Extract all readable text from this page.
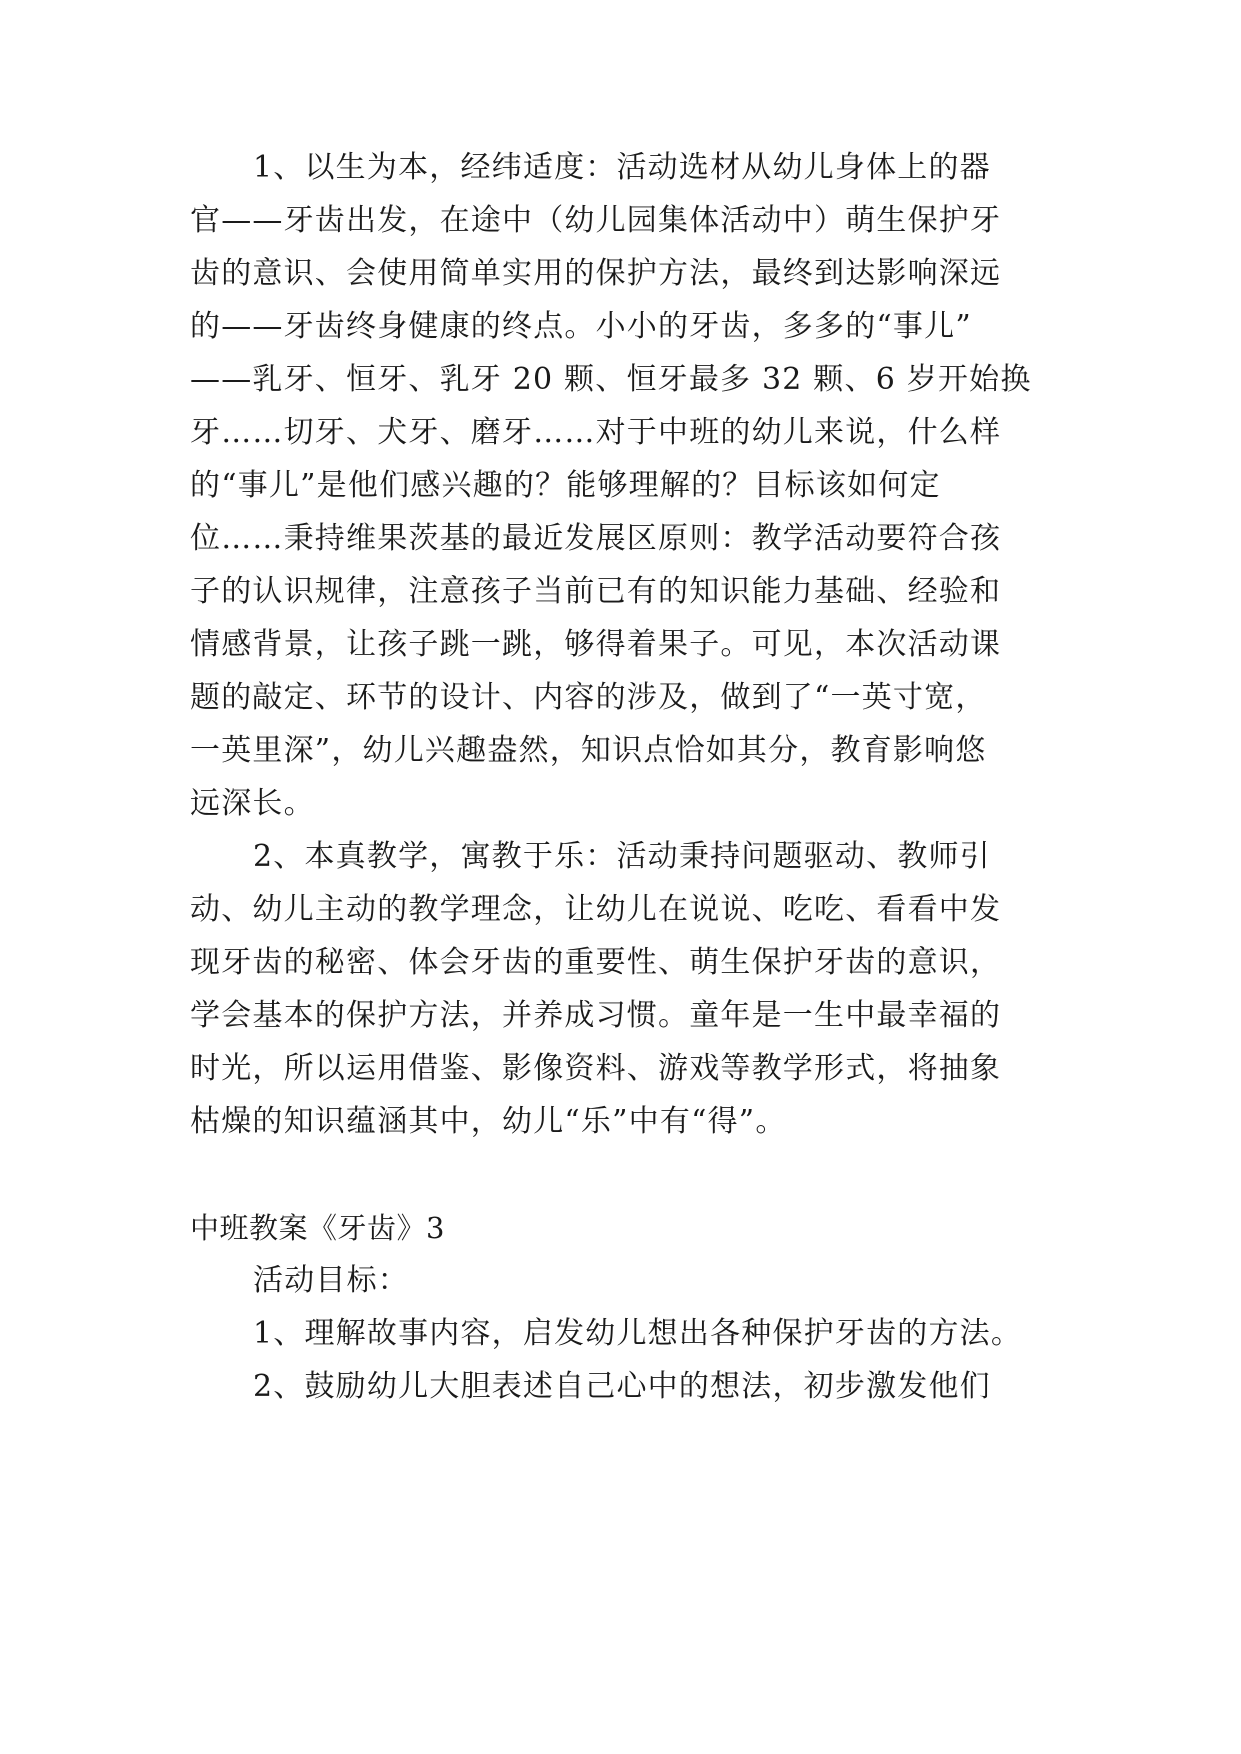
1、以生为本，经纬适度：活动选材从幼儿身体上的器
官——牙齿出发，在途中（幼儿园集体活动中）萌生保护牙
齿的意识、会使用简单实用的保护方法，最终到达影响深远
的——牙齿终身健康的终点。小小的牙齿，多多的“事儿”
——乳牙、恒牙、乳牙 20 颗、恒牙最多 32 颗、6 岁开始换
牙……切牙、犬牙、磨牙……对于中班的幼儿来说，什么样
的“事儿”是他们感兴趣的？能够理解的？目标该如何定
位……秉持维果茨基的最近发展区原则：教学活动要符合孩
子的认识规律，注意孩子当前已有的知识能力基础、经验和
情感背景，让孩子跳一跳，够得着果子。可见，本次活动课
题的敲定、环节的设计、内容的涉及，做到了“一英寸宽，
一英里深”，幼儿兴趣盎然，知识点恰如其分，教育影响悠
远深长。
2、本真教学，寓教于乐：活动秉持问题驱动、教师引
动、幼儿主动的教学理念，让幼儿在说说、吃吃、看看中发
现牙齿的秘密、体会牙齿的重要性、萌生保护牙齿的意识，
学会基本的保护方法，并养成习惯。童年是一生中最幸福的
时光，所以运用借鉴、影像资料、游戏等教学形式，将抽象
枯燥的知识蕴涵其中，幼儿“乐”中有“得”。
中班教案《牙齿》3
活动目标：
1、理解故事内容，启发幼儿想出各种保护牙齿的方法。
2、鼓励幼儿大胆表述自己心中的想法，初步激发他们
